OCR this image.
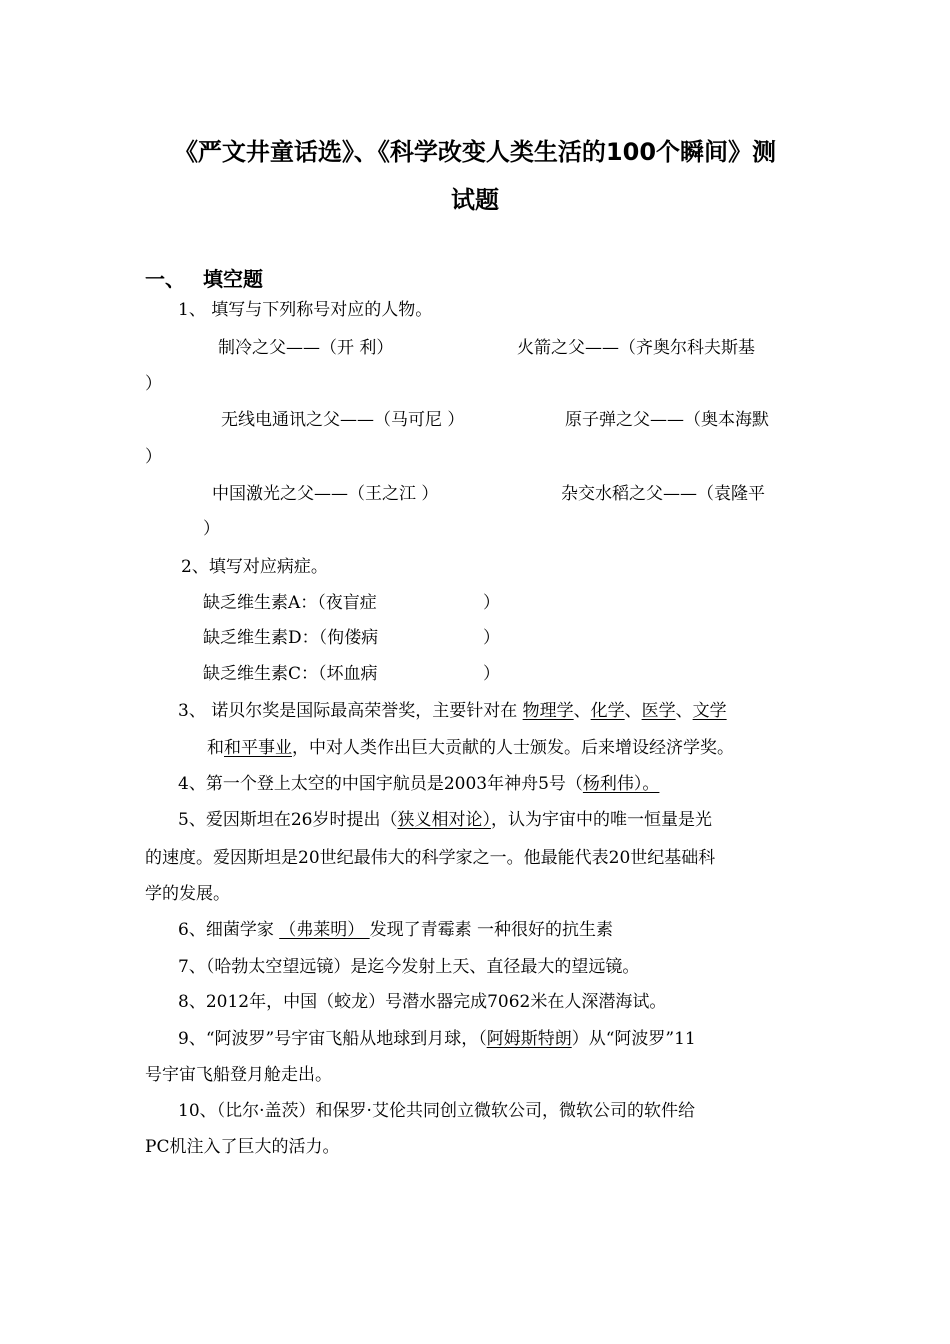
《严文井童话选》、《科学改变人类生活的100个瞬间》测
试题
一、 填空题

1、 填写与下列称号对应的人物。

制冷之父——（开 利）	火箭之父——（齐奥尔科夫斯基

）

无线电通讯之父——（马可尼 ）	原子弹之父——（奥本海默

）

中国激光之父——（王之江 ）	杂交水稻之父——（袁隆平

）

2、填写对应病症。

缺乏维生素A：（夜盲症	）

缺乏维生素D：（佝偻病	）

缺乏维生素C：（坏血病	）

3、 诺贝尔奖是国际最高荣誉奖，主要针对在 物理学、化学、医学、文学

和和平事业，中对人类作出巨大贡献的人士颁发。后来增设经济学奖。

4、第一个登上太空的中国宇航员是2003年神舟5号（杨利伟）。

5、爱因斯坦在26岁时提出（狭义相对论），认为宇宙中的唯一恒量是光

的速度。爱因斯坦是20世纪最伟大的科学家之一。他最能代表20世纪基础科

学的发展。

6、细菌学家 （弗莱明） 发现了青霉素 一种很好的抗生素

7、（哈勃太空望远镜）是迄今发射上天、直径最大的望远镜。

8、2012年，中国（蛟龙）号潜水器完成7062米在人深潜海试。

9、“阿波罗”号宇宙飞船从地球到月球，（阿姆斯特朗）从“阿波罗”11

号宇宙飞船登月舱走出。

10、（比尔·盖茨）和保罗·艾伦共同创立微软公司，微软公司的软件给

PC机注入了巨大的活力。
